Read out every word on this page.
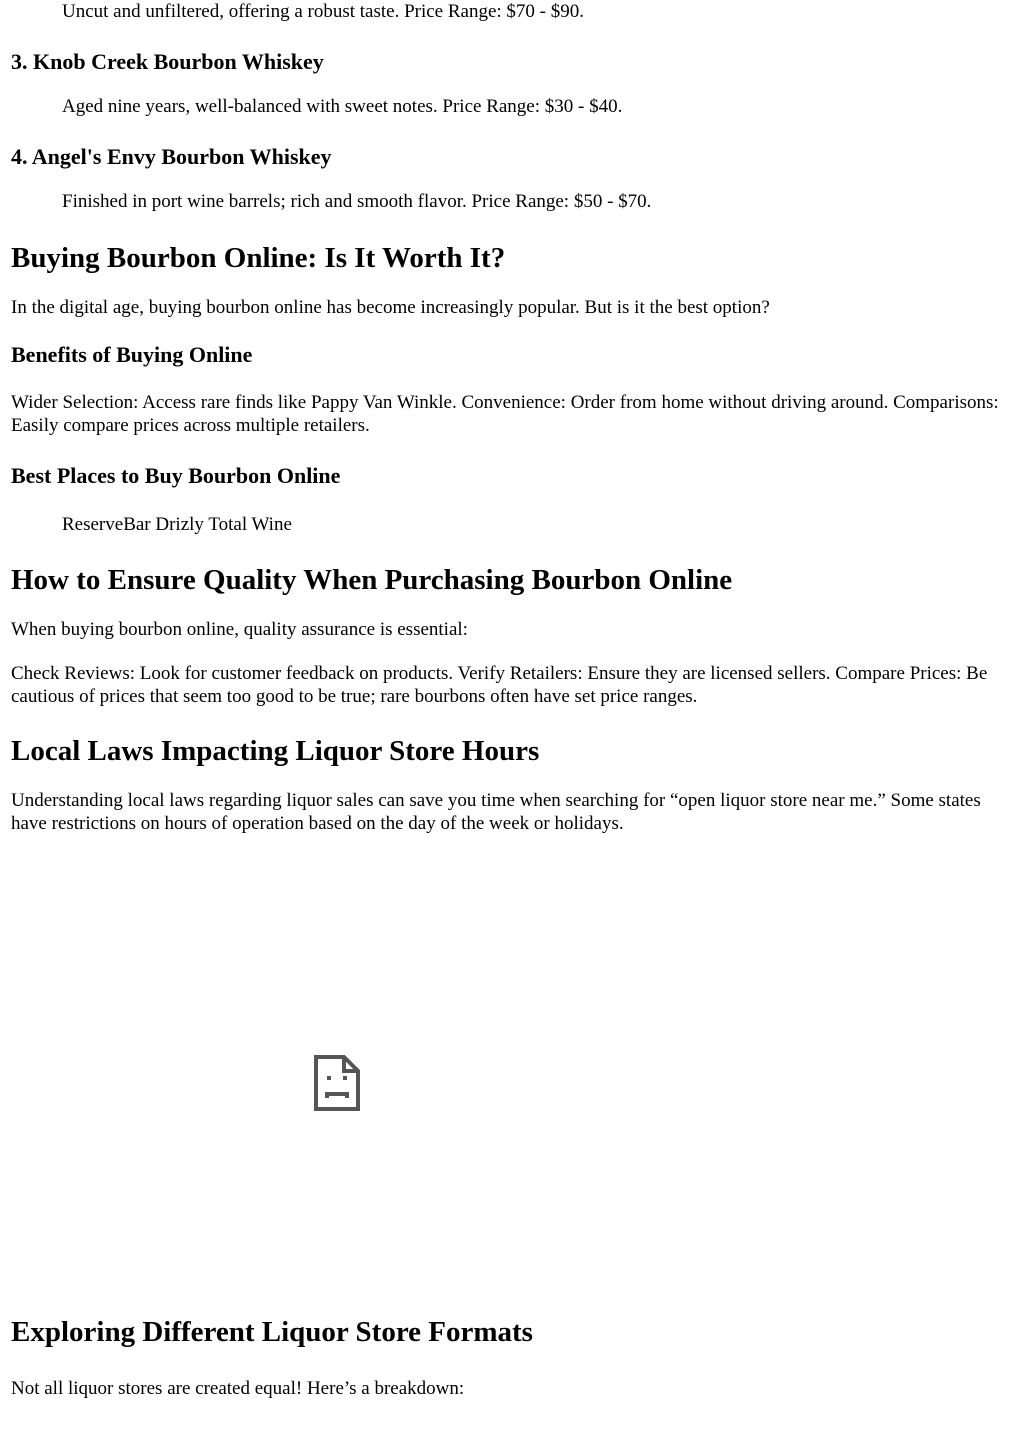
Uncut and unfiltered, offering a robust taste. Price Range: $70 - $90.
3. Knob Creek Bourbon Whiskey
Aged nine years, well-balanced with sweet notes. Price Range: $30 - $40.
4. Angel's Envy Bourbon Whiskey
Finished in port wine barrels; rich and smooth flavor. Price Range: $50 - $70.
Buying Bourbon Online: Is It Worth It?

In the digital age, buying bourbon online has become increasingly popular. But is it the best option?

Benefits of Buying Online

Wider Selection: Access rare finds like Pappy Van Winkle. Convenience: Order from home without driving around. Comparisons: Easily compare prices across multiple retailers.

Best Places to Buy Bourbon Online
ReserveBar Drizly Total Wine
How to Ensure Quality When Purchasing Bourbon Online

When buying bourbon online, quality assurance is essential:

Check Reviews: Look for customer feedback on products. Verify Retailers: Ensure they are licensed sellers. Compare Prices: Be cautious of prices that seem too good to be true; rare bourbons often have set price ranges.

Local Laws Impacting Liquor Store Hours

Understanding local laws regarding liquor sales can save you time when searching for “open liquor store near me.” Some states have restrictions on hours of operation based on the day of the week or holidays.

Exploring Different Liquor Store Formats

Not all liquor stores are created equal! Here’s a breakdown:
